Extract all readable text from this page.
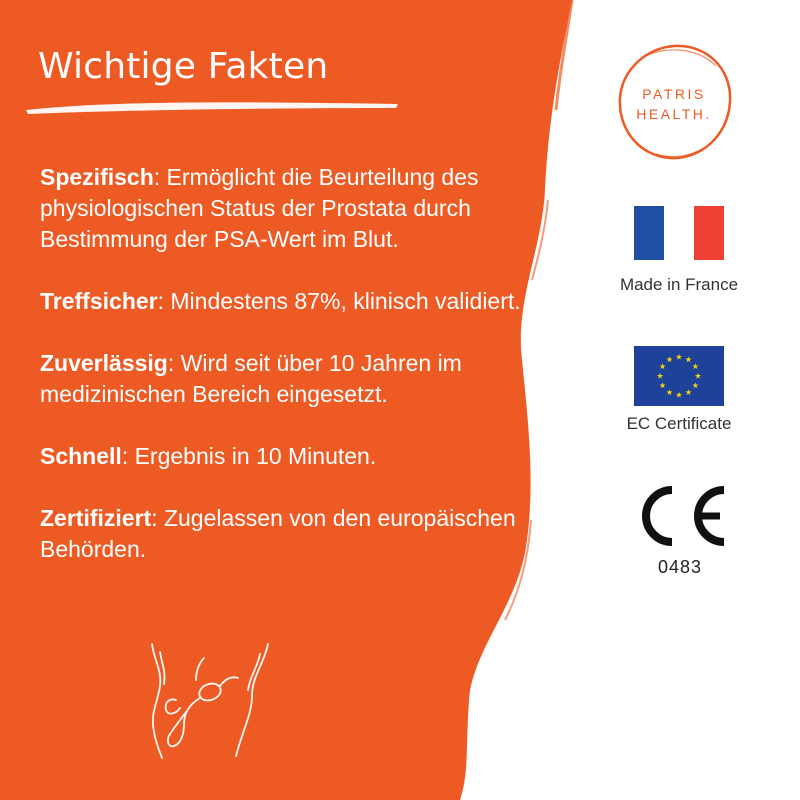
Wichtige Fakten
Spezifisch: Ermöglicht die Beurteilung des physiologischen Status der Prostata durch Bestimmung der PSA-Wert im Blut.
Treffsicher: Mindestens 87%, klinisch validiert.
Zuverlässig: Wird seit über 10 Jahren im medizinischen Bereich eingesetzt.
Schnell: Ergebnis in 10 Minuten.
Zertifiziert: Zugelassen von den europäischen Behörden.
PATRIS
HEALTH.
Made in France
EC Certificate
0483
